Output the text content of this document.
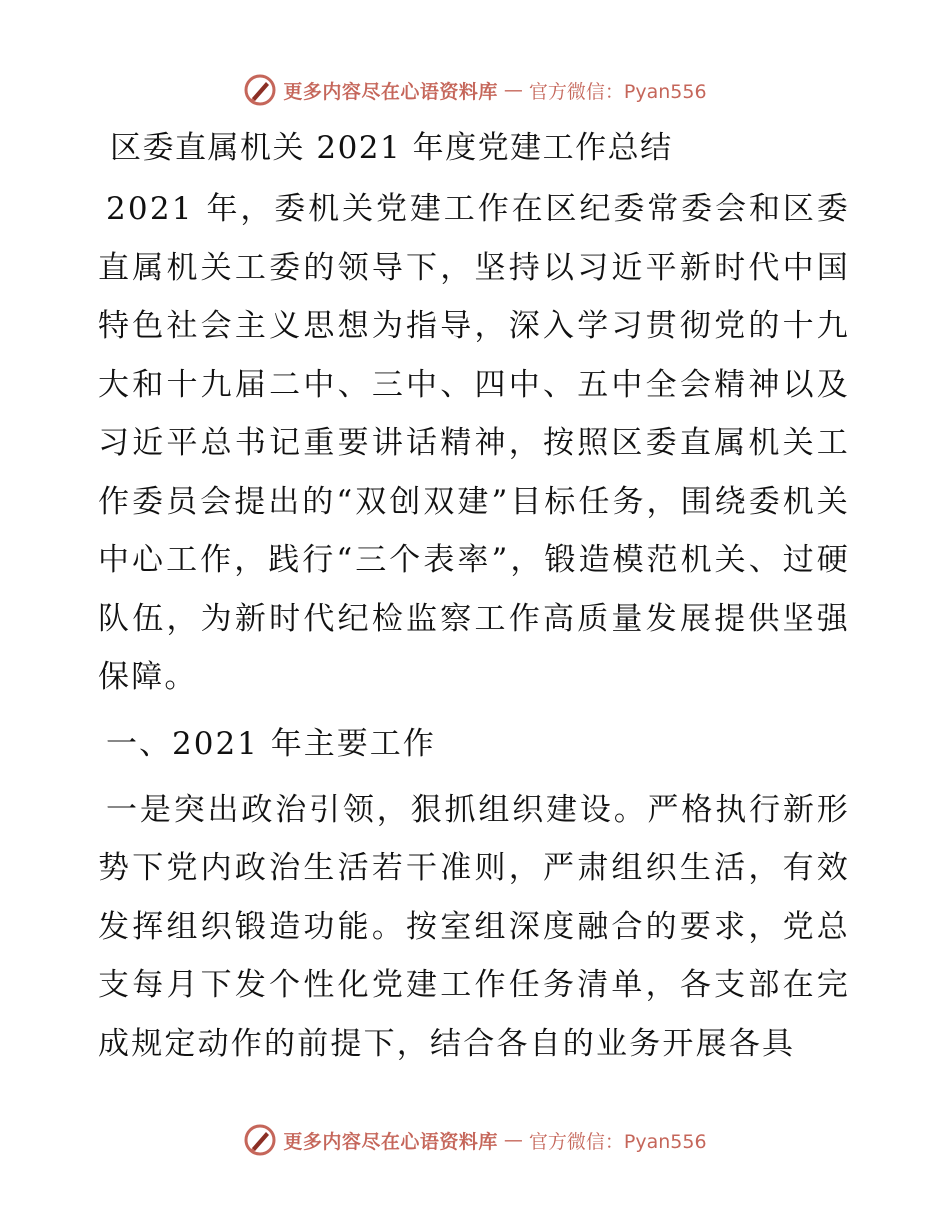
更多内容尽在心语资料库 — 官方微信：Pyan556
区委直属机关 2021 年度党建工作总结

2021 年，委机关党建工作在区纪委常委会和区委直属机关工委的领导下，坚持以习近平新时代中国特色社会主义思想为指导，深入学习贯彻党的十九大和十九届二中、三中、四中、五中全会精神以及习近平总书记重要讲话精神，按照区委直属机关工作委员会提出的“双创双建”目标任务，围绕委机关中心工作，践行“三个表率”，锻造模范机关、过硬队伍，为新时代纪检监察工作高质量发展提供坚强保障。

一、2021 年主要工作

一是突出政治引领，狠抓组织建设。严格执行新形势下党内政治生活若干准则，严肃组织生活，有效发挥组织锻造功能。按室组深度融合的要求，党总支每月下发个性化党建工作任务清单，各支部在完成规定动作的前提下，结合各自的业务开展各具

更多内容尽在心语资料库 — 官方微信：Pyan556
